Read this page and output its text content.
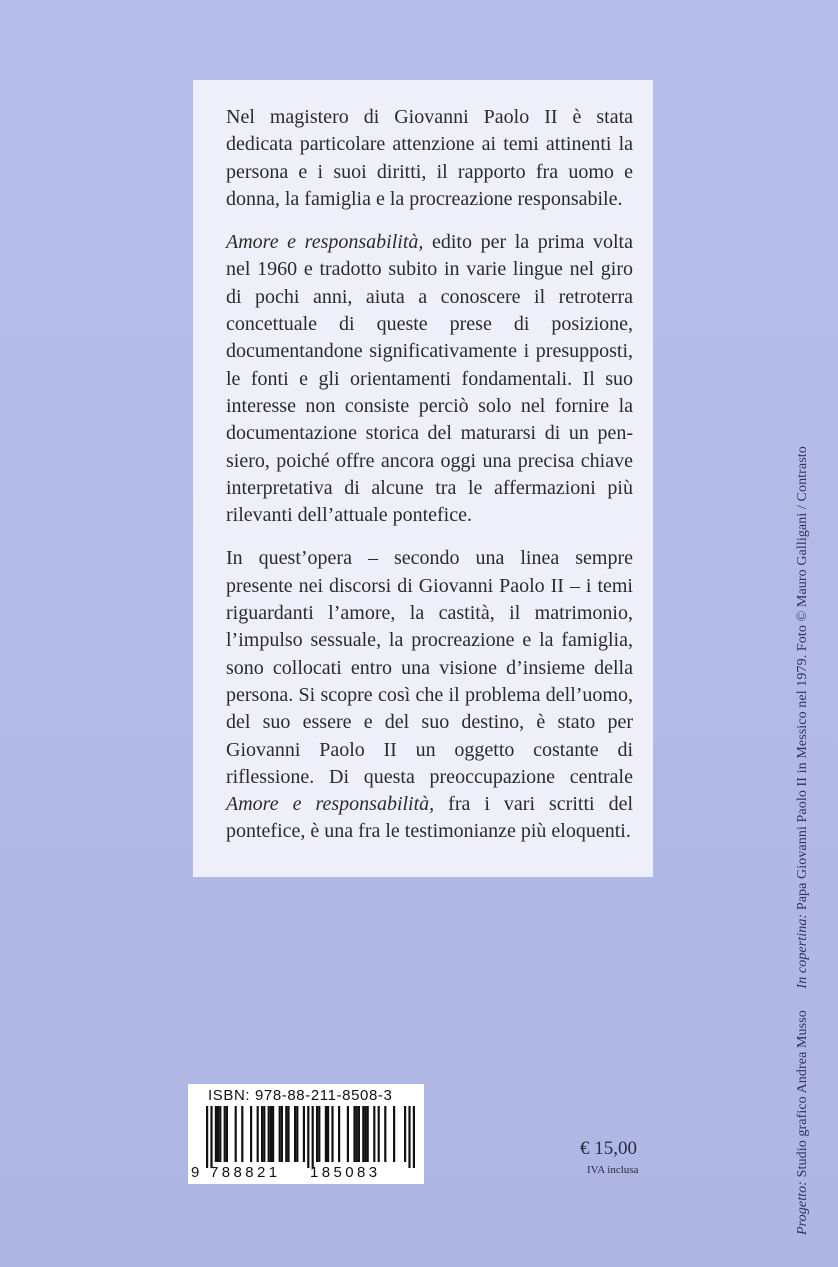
Nel magistero di Giovanni Paolo II è stata dedicata particolare attenzione ai temi attinenti la persona e i suoi diritti, il rapporto fra uomo e donna, la famiglia e la procreazione responsabile.

Amore e responsabilità, edito per la prima volta nel 1960 e tradotto subito in varie lingue nel giro di pochi anni, aiuta a conoscere il retroterra concettuale di queste prese di posizione, documentandone significativamente i presupposti, le fonti e gli orientamenti fondamentali. Il suo interesse non consiste perciò solo nel fornire la documentazione storica del maturarsi di un pensiero, poiché offre ancora oggi una precisa chiave interpretativa di alcune tra le affermazioni più rilevanti dell’attuale pontefice.

In quest’opera – secondo una linea sempre presente nei discorsi di Giovanni Paolo II – i temi riguardanti l’amore, la castità, il matrimonio, l’impulso sessuale, la procreazione e la famiglia, sono collocati entro una visione d’insieme della persona. Si scopre così che il problema dell’uomo, del suo essere e del suo destino, è stato per Giovanni Paolo II un oggetto costante di riflessione. Di questa preoccupazione centrale Amore e responsabilità, fra i vari scritti del pontefice, è una fra le testimonianze più eloquenti.

Progetto: Studio grafico Andrea Musso      In copertina: Papa Giovanni Paolo II in Messico nel 1979. Foto © Mauro Galligani / Contrasto
ISBN: 978-88-211-8508-3
9 788821 185083
€ 15,00
IVA inclusa
